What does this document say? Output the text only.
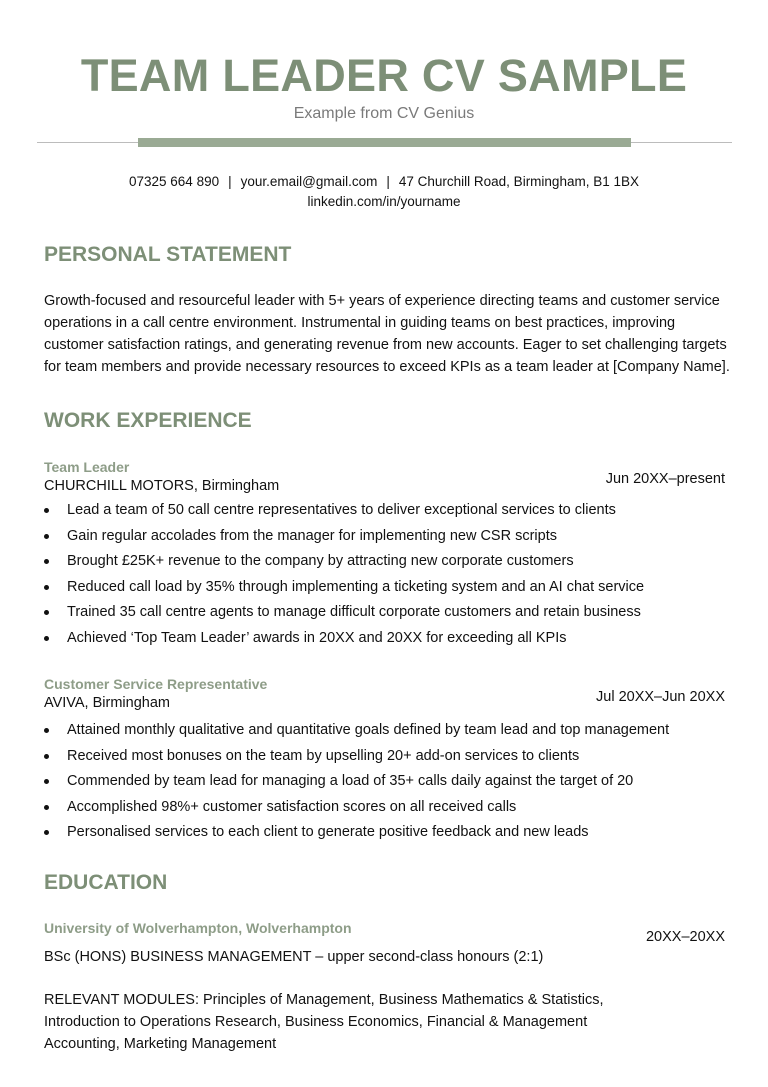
TEAM LEADER CV SAMPLE
Example from CV Genius
07325 664 890 | your.email@gmail.com | 47 Churchill Road, Birmingham, B1 1BX
linkedin.com/in/yourname
PERSONAL STATEMENT
Growth-focused and resourceful leader with 5+ years of experience directing teams and customer service operations in a call centre environment. Instrumental in guiding teams on best practices, improving customer satisfaction ratings, and generating revenue from new accounts. Eager to set challenging targets for team members and provide necessary resources to exceed KPIs as a team leader at [Company Name].
WORK EXPERIENCE
Team Leader
CHURCHILL MOTORS, Birmingham	Jun 20XX–present
Lead a team of 50 call centre representatives to deliver exceptional services to clients
Gain regular accolades from the manager for implementing new CSR scripts
Brought £25K+ revenue to the company by attracting new corporate customers
Reduced call load by 35% through implementing a ticketing system and an AI chat service
Trained 35 call centre agents to manage difficult corporate customers and retain business
Achieved ‘Top Team Leader’ awards in 20XX and 20XX for exceeding all KPIs
Customer Service Representative
AVIVA, Birmingham	Jul 20XX–Jun 20XX
Attained monthly qualitative and quantitative goals defined by team lead and top management
Received most bonuses on the team by upselling 20+ add-on services to clients
Commended by team lead for managing a load of 35+ calls daily against the target of 20
Accomplished 98%+ customer satisfaction scores on all received calls
Personalised services to each client to generate positive feedback and new leads
EDUCATION
University of Wolverhampton, Wolverhampton
20XX–20XX
BSc (HONS) BUSINESS MANAGEMENT – upper second-class honours (2:1)
RELEVANT MODULES: Principles of Management, Business Mathematics & Statistics, Introduction to Operations Research, Business Economics, Financial & Management Accounting, Marketing Management
